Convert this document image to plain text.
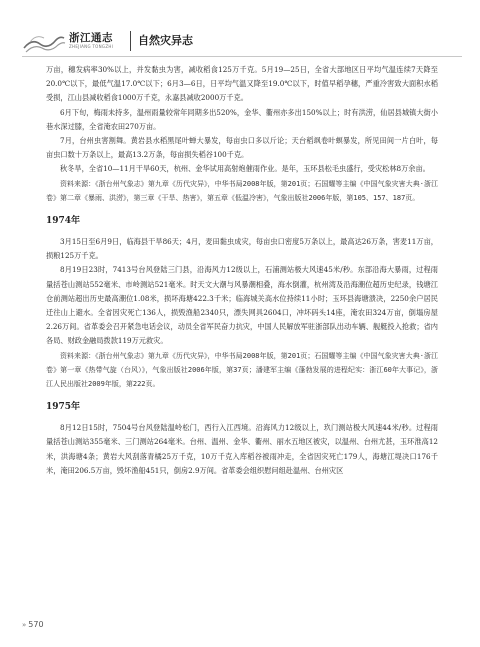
浙江通志
ZHEJIANG TONGZHI 自然灾异志

万亩，穗发病率30%以上，并发黏虫为害，减收稻食125万千克。5月19—25日，全省大部地区日平均气温连续7天降至20.0℃以下，最低气温17.0℃以下；6月3—6日，日平均气温又降至19.0℃以下，时值早稻孕穗，严重冷害致大面积水稻受损，江山县减收稻食1000万千克，永嘉县减收2000万千克。

6月下旬，梅雨未持多，温州雨量较常年同期多出520%，金华、衢州亦多出150%以上；时有洪涝，仙居县城镇大街小巷水深过膝，全省淹农田270万亩。

7月，台州虫害割舞。黄岩县水稻黑尾叶蝉大暴发，每亩虫口多以斤论；天台稻飒卷叶螟暴发，所见田间一片白叶，每亩虫口数十万条以上，最高13.2万条，每亩损失稻谷100千克。

秋冬旱，全省10—11月干旱60天，杭州、金华试用高射炮催雨作业。是年，玉环县松毛虫盛行，受灾松林8万余亩。

资料来源：《浙台州气象志》第九章《历代灾异》，中华书局2008年版，第201页；石国耀等主编《中国气象灾害大典·浙江卷》第二章《暴雨、洪涝》，第三章《干旱、热害》，第五章《低温冷害》，气象出版社2006年版，第105、157、187页。

1974年

3月15日至6月9日，临海县干旱86天；4月，麦田黏虫成灾，每亩虫口密度5万条以上，最高达26万条，害麦11万亩，损粮125万千克。

8月19日23时，7413号台风登陆三门县，沿海风力12级以上，石浦测站极大风速45米/秒。东部沿海大暴雨，过程雨量括苍山测站552毫米、市岭测站521毫米。时天文大潮与风暴潮相叠，海水倒灌，杭州湾及沿海潮位超历史纪录，钱塘江仓前测站超出历史最高潮位1.08米，损坏海塘422.3千米；临海城关高水位持续11小时；玉环县海塘溃决，2250余户居民迁往山上避水。全省因灾死亡136人，损毁渔船2340只，漂失网具2604口，冲坏码头14座，淹农田324万亩，倒塌房屋2.26万间。省革委会召开紧急电话会议，动员全省军民奋力抗灾，中国人民解放军驻浙部队出动车辆、舰艇投入抢救；省内各局、财政金融局拨款119万元救灾。

资料来源：《浙台州气象志》第九章《历代灾异》，中华书局2008年版，第201页；石国耀等主编《中国气象灾害大典·浙江卷》第一章《热带气旋（台风）》，气象出版社2006年版，第37页；潘建军主编《蓬勃发展的进程纪实：浙江60年大事记》，浙江人民出版社2009年版，第222页。

1975年

8月12日15时，7504号台风登陆温岭松门，西行入江西境。沿海风力12级以上，玖门测站极大风速44米/秒。过程雨量括苍山测站355毫米、三门测站264毫米。台州、温州、金华、衢州、丽水五地区被灾，以温州、台州尤甚，玉环淮高12米，洪海塘4条；黄岩大风刮落青橘25万千克，10万千克入库稻谷被雨冲走，全省因灾死亡179人，海塘江堤决口176千米，淹田206.5万亩，毁坏渔船451只，倒房2.9万间。省革委会组织慰问组赴温州、台州灾区

» 570
